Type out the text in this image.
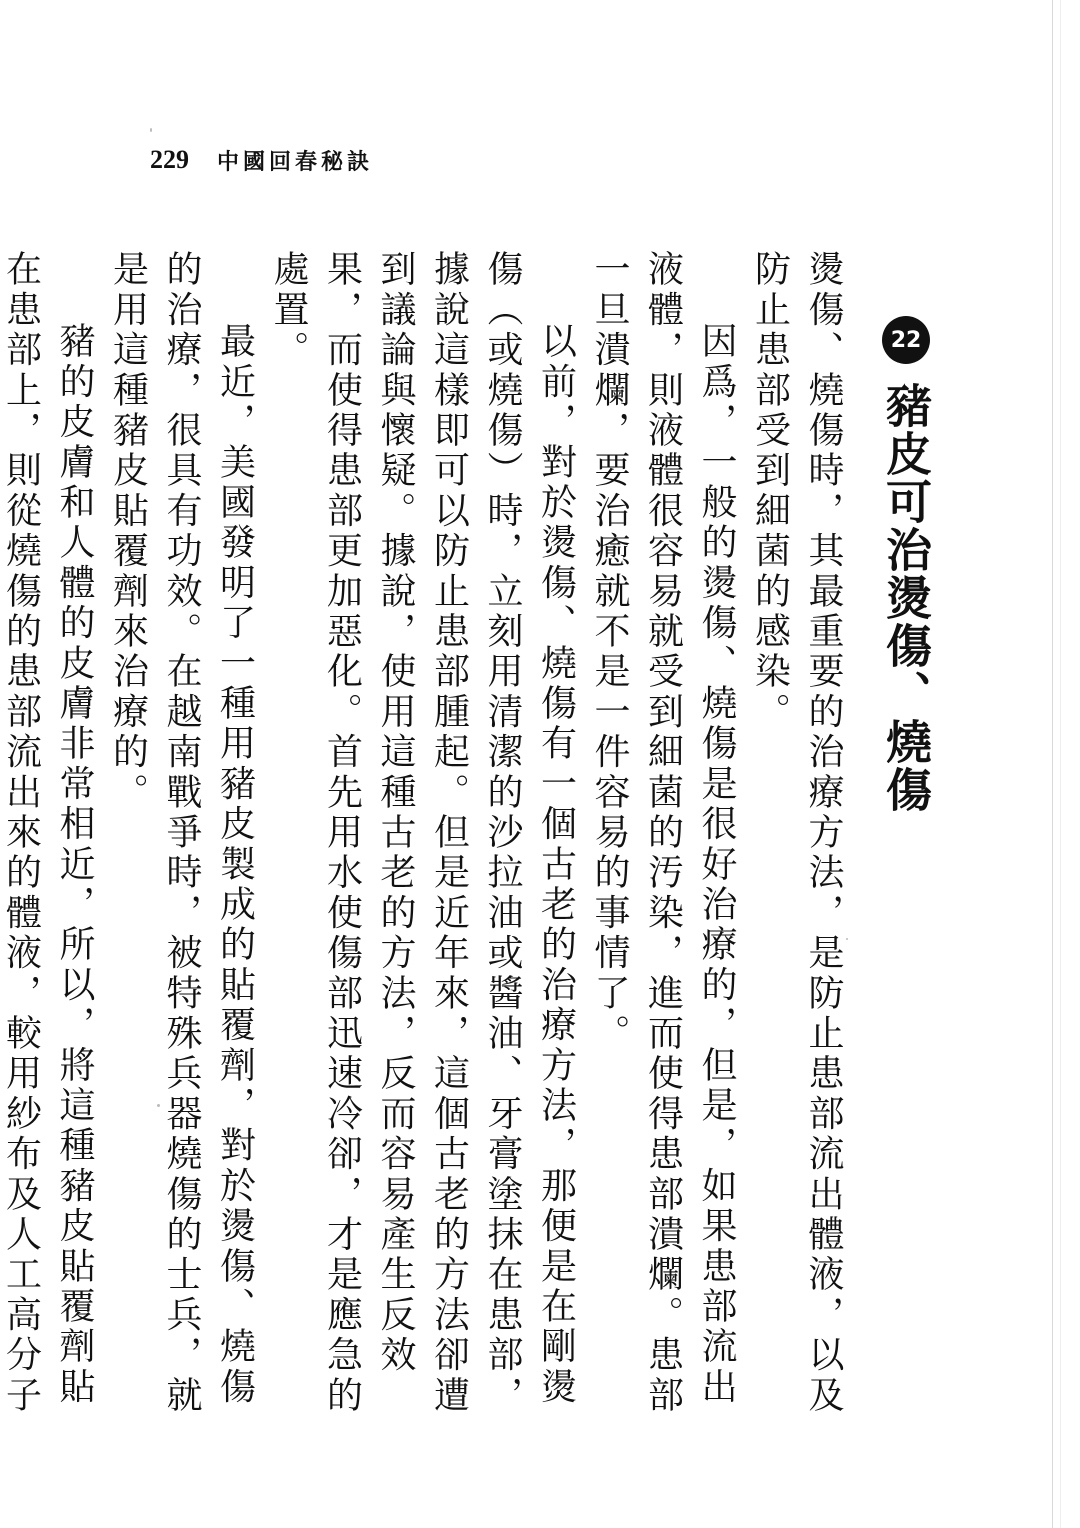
229 中國回春秘訣
22
豬皮可治燙傷、燒傷

燙傷、燒傷時，其最重要的治療方法，是防止患部流出體液，以及防止患部受到細菌的感染。

因爲，一般的燙傷、燒傷是很好治療的，但是，如果患部流出液體，則液體很容易就受到細菌的汚染，進而使得患部潰爛。患部一旦潰爛，要治癒就不是一件容易的事情了。

以前，對於燙傷、燒傷有一個古老的治療方法，那便是在剛燙傷（或燒傷）時，立刻用清潔的沙拉油或醬油、牙膏塗抹在患部，據說這樣即可以防止患部腫起。但是近年來，這個古老的方法卻遭到議論與懷疑。據說，使用這種古老的方法，反而容易產生反效果，而使得患部更加惡化。首先用水使傷部迅速冷卻，才是應急的處置。

最近，美國發明了一種用豬皮製成的貼覆劑，對於燙傷、燒傷的治療，很具有功效。在越南戰爭時，被特殊兵器燒傷的士兵，就是用這種豬皮貼覆劑來治療的。

豬的皮膚和人體的皮膚非常相近，所以，將這種豬皮貼覆劑貼在患部上，則從燒傷的患部流出來的體液，較用紗布及人工高分子
